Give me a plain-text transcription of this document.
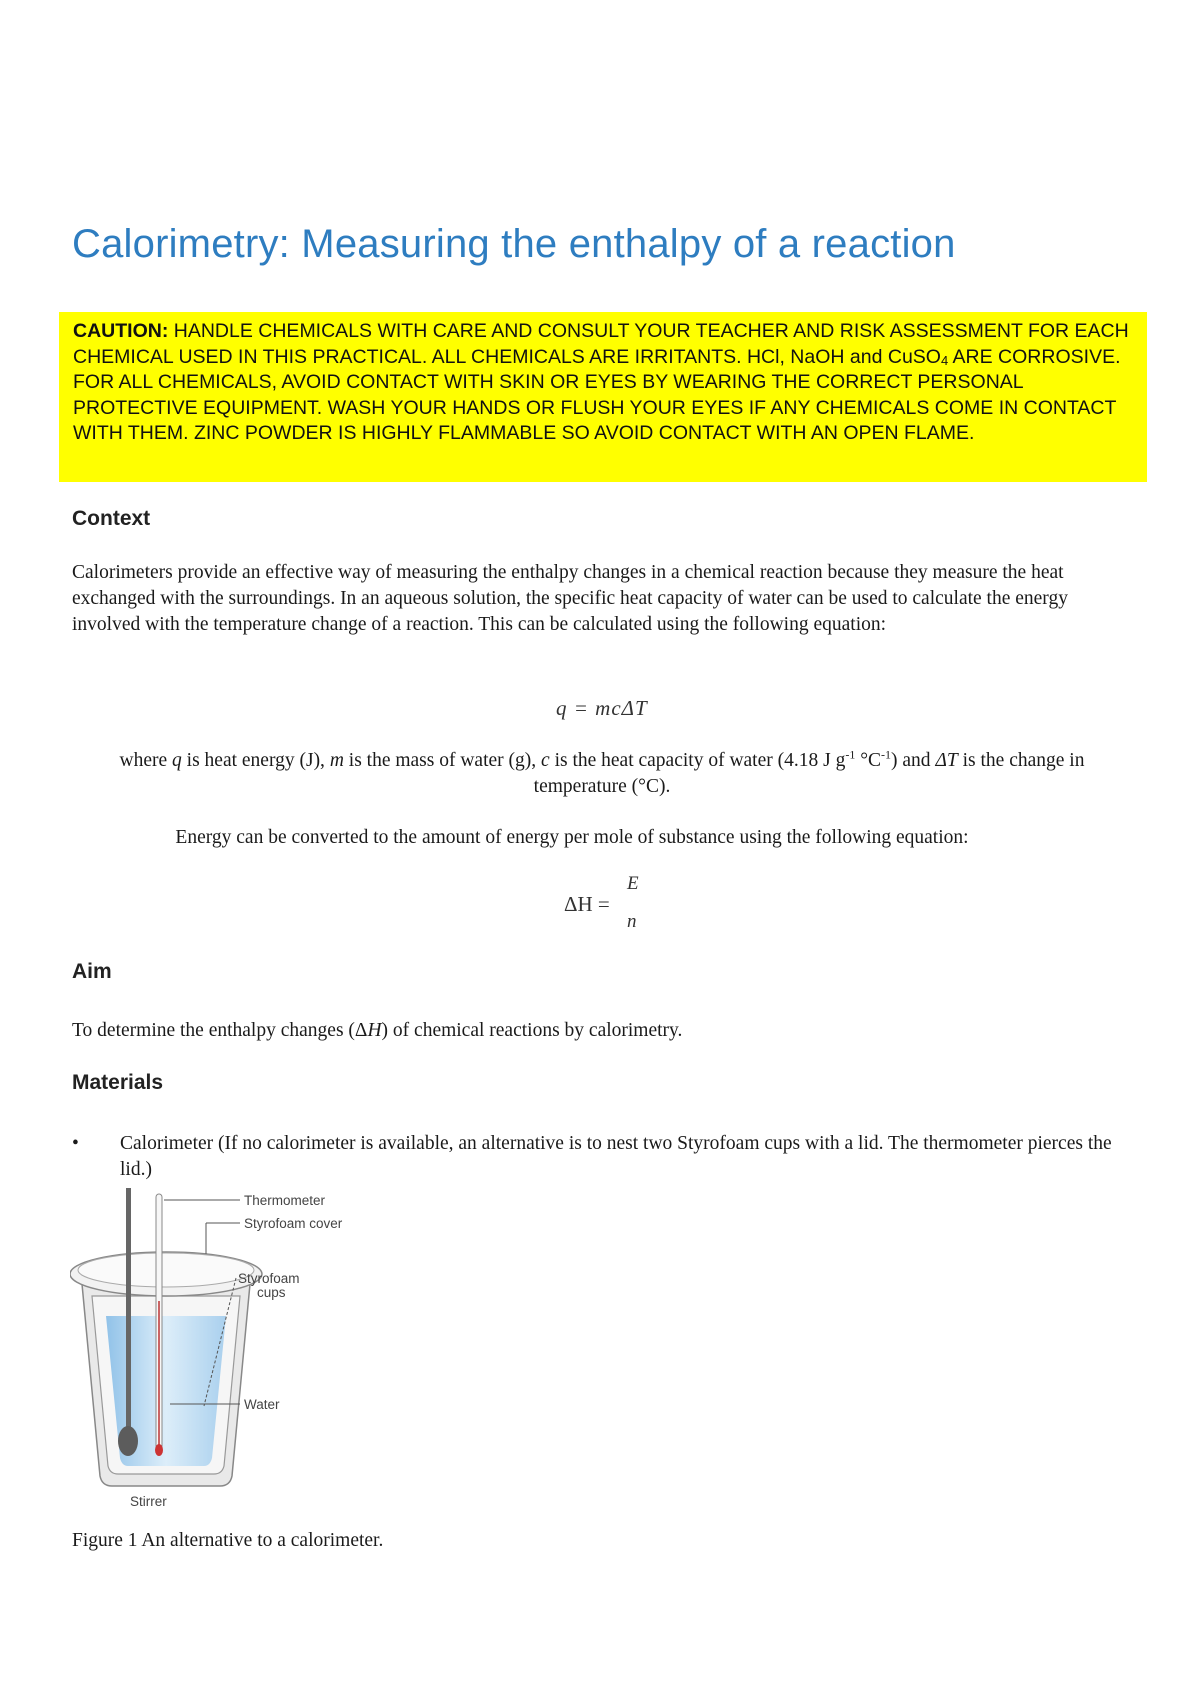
Calorimetry: Measuring the enthalpy of a reaction
CAUTION: HANDLE CHEMICALS WITH CARE AND CONSULT YOUR TEACHER AND RISK ASSESSMENT FOR EACH CHEMICAL USED IN THIS PRACTICAL. ALL CHEMICALS ARE IRRITANTS. HCl, NaOH and CuSO$_4$ ARE CORROSIVE. FOR ALL CHEMICALS, AVOID CONTACT WITH SKIN OR EYES BY WEARING THE CORRECT PERSONAL PROTECTIVE EQUIPMENT. WASH YOUR HANDS OR FLUSH YOUR EYES IF ANY CHEMICALS COME IN CONTACT WITH THEM. ZINC POWDER IS HIGHLY FLAMMABLE SO AVOID CONTACT WITH AN OPEN FLAME.
Context

Calorimeters provide an effective way of measuring the enthalpy changes in a chemical reaction because they measure the heat exchanged with the surroundings. In an aqueous solution, the specific heat capacity of water can be used to calculate the energy involved with the temperature change of a reaction. This can be calculated using the following equation:

q = mcΔT

where q is heat energy (J), m is the mass of water (g), c is the heat capacity of water (4.18 J $g^{-1}$ $^\circ C^{-1}$) and ΔT is the change in temperature (°C).

Energy can be converted to the amount of energy per mole of substance using the following equation:

ΔH =
E
n
Aim

To determine the enthalpy changes (ΔH) of chemical reactions by calorimetry.

Materials
• Calorimeter (If no calorimeter is available, an alternative is to nest two Styrofoam cups with a lid. The thermometer pierces the lid.)
Thermometer
Styrofoam cover
Styrofoam
cups
Water
Stirrer
Figure 1 An alternative to a calorimeter.
